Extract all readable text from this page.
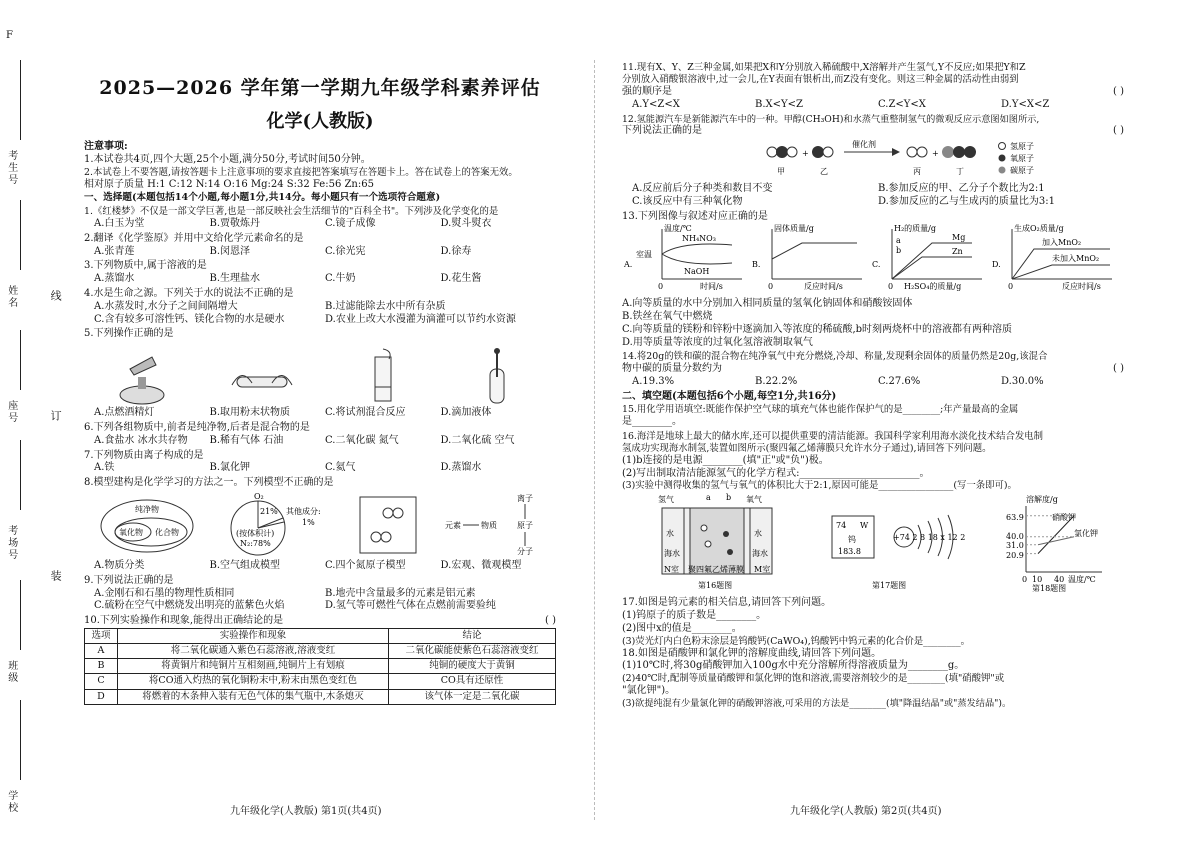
F
考生号
姓名
座号
考场号
班级
学校
线
订
装
2025—2026 学年第一学期九年级学科素养评估
化学(人教版)

注意事项:

1.本试卷共4页,四个大题,25个小题,满分50分,考试时间50分钟。

2.本试卷上不要答题,请按答题卡上注意事项的要求直接把答案填写在答题卡上。答在试卷上的答案无效。

相对原子质量 H:1 C:12 N:14 O:16 Mg:24 S:32 Fe:56 Zn:65

一、选择题(本题包括14个小题,每小题1分,共14分。每小题只有一个选项符合题意)

1.《红楼梦》不仅是一部文学巨著,也是一部反映社会生活细节的"百科全书"。下列涉及化学变化的是

A.白玉为堂	B.贾敬炼丹	C.镜子成像	D.熨斗熨衣

2.翻译《化学鉴原》并用中文给化学元素命名的是

A.张青莲	B.闵恩泽	C.徐光宪	D.徐寿

3.下列物质中,属于溶液的是

A.蒸馏水	B.生理盐水	C.牛奶	D.花生酱

4.水是生命之源。下列关于水的说法不正确的是

A.水蒸发时,水分子之间间隔增大	B.过滤能除去水中所有杂质
C.含有较多可溶性钙、镁化合物的水是硬水	D.农业上改大水漫灌为滴灌可以节约水资源

5.下列操作正确的是

A.点燃酒精灯	B.取用粉末状物质	C.将试剂混合反应	D.滴加液体

6.下列各组物质中,前者是纯净物,后者是混合物的是

A.食盐水 冰水共存物	B.稀有气体 石油	C.二氧化碳 氮气	D.二氧化硫 空气

7.下列物质由离子构成的是

A.铁	B.氯化钾	C.氦气	D.蒸馏水

8.模型建构是化学学习的方法之一。下列模型不正确的是

纯净物
氧化物 化合物
O₂
21% 其他成分:
1%
(按体积计)
N₂:78%
离子
元素	物质	原子
分子
A.物质分类	B.空气组成模型	C.四个氮原子模型	D.宏观、微观模型

9.下列说法正确的是

A.金刚石和石墨的物理性质相同	B.地壳中含量最多的元素是铝元素
C.硫粉在空气中燃烧发出明亮的蓝紫色火焰	D.氢气等可燃性气体在点燃前需要验纯

10.下列实验操作和现象,能得出正确结论的是	( )

选项	实验操作和现象	结论
A	将二氧化碳通入紫色石蕊溶液,溶液变红	二氧化碳能使紫色石蕊溶液变红
B	将黄铜片和纯铜片互相刻画,纯铜片上有划痕	纯铜的硬度大于黄铜
C	将CO通入灼热的氧化铜粉末中,粉末由黑色变红色	CO具有还原性
D	将燃着的木条伸入装有无色气体的集气瓶中,木条熄灭	该气体一定是二氧化碳

九年级化学(人教版) 第1页(共4页)

11.现有X、Y、Z三种金属,如果把X和Y分别放入稀硫酸中,X溶解并产生氢气,Y不反应;如果把Y和Z

分别放入硝酸银溶液中,过一会儿,在Y表面有银析出,而Z没有变化。则这三种金属的活动性由弱到

强的顺序是	( )

A.Y<Z<X	B.X<Y<Z	C.Z<Y<X	D.Y<X<Z

12.氢能源汽车是新能源汽车中的一种。甲醇(CH₃OH)和水蒸气重整制氢气的微观反应示意图如图所示,

下列说法正确的是	( )

+
催化剂
+
甲	乙	丙	丁
氢原子
氧原子
碳原子
A.反应前后分子种类和数目不变	B.参加反应的甲、乙分子个数比为2:1
C.该反应中有三种氧化物	D.参加反应的乙与生成丙的质量比为3:1

13.下列图像与叙述对应正确的是

A.
温度/℃
室温
NH₄NO₃
NaOH
0	时间/s
B.
固体质量/g
0	反应时间/s
C.
H₂的质量/g
a
b
Mg
Zn
0 H₂SO₄的质量/g
D.
生成O₂质量/g
加入MnO₂
未加入MnO₂
0	反应时间/s

A.向等质量的水中分别加入相同质量的氢氧化钠固体和硝酸铵固体

B.铁丝在氧气中燃烧

C.向等质量的镁粉和锌粉中逐滴加入等浓度的稀硫酸,b时刻两烧杯中的溶液都有两种溶质

D.用等质量等浓度的过氧化氢溶液制取氧气

14.将20g的铁和碳的混合物在纯净氧气中充分燃烧,冷却、称量,发现剩余固体的质量仍然是20g,该混合

物中碳的质量分数约为	( )

A.19.3%	B.22.2%	C.27.6%	D.30.0%

二、填空题(本题包括6个小题,每空1分,共16分)

15.用化学用语填空:既能作保护空气球的填充气体也能作保护气的是________;年产量最高的金属

是________。

16.海洋是地球上最大的储水库,还可以提供重要的清洁能源。我国科学家利用海水淡化技术结合发电制

氢成功实现海水制氢,装置如图所示(聚四氟乙烯薄膜只允许水分子通过),请回答下列问题。

(1)b连接的是电源________(填"正"或"负")极。

(2)写出制取清洁能源氢气的化学方程式:________________________。

(3)实验中测得收集的氢气与氧气的体积比大于2:1,原因可能是________________(写一条即可)。

氢气	氧气
a b
水	水
海水	海水
N室 聚四氟乙烯薄膜 M室
第16题图
74 W
钨
183.8
+74 2 8 18 x 12 2
第17题图
溶解度/g
硝酸钾
氯化钾
63.9
40.0
31.0
20.9
0 10 40 温度/℃
第18题图

17.如图是钨元素的相关信息,请回答下列问题。

(1)钨原子的质子数是________。

(2)图中x的值是________。

(3)荧光灯内白色粉末涂层是钨酸钙(CaWO₄),钨酸钙中钨元素的化合价是________。

18.如图是硝酸钾和氯化钾的溶解度曲线,请回答下列问题。

(1)10℃时,将30g硝酸钾加入100g水中充分溶解所得溶液质量为________g。

(2)40℃时,配制等质量硝酸钾和氯化钾的饱和溶液,需要溶剂较少的是________(填"硝酸钾"或

"氯化钾")。

(3)欲提纯混有少量氯化钾的硝酸钾溶液,可采用的方法是________(填"降温结晶"或"蒸发结晶")。

九年级化学(人教版) 第2页(共4页)
